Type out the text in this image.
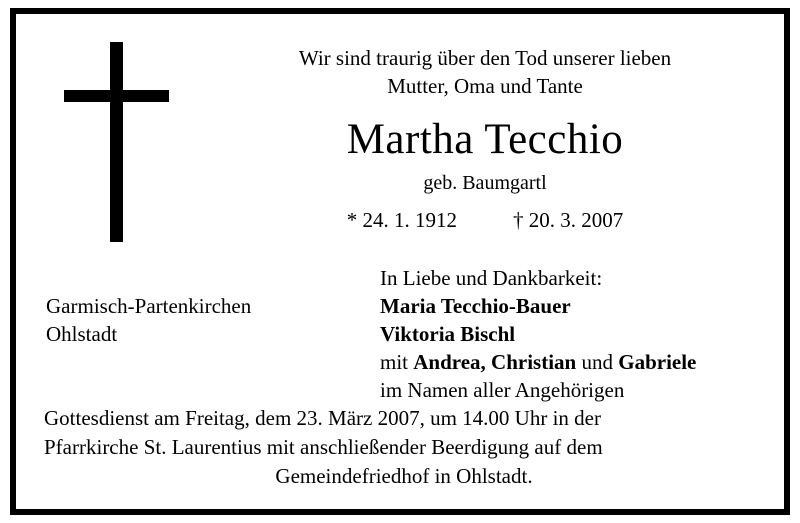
Wir sind traurig über den Tod unserer lieben
Mutter, Oma und Tante
Martha Tecchio
geb. Baumgartl
* 24. 1. 1912	† 20. 3. 2007
Garmisch-Partenkirchen
Ohlstadt
In Liebe und Dankbarkeit:
Maria Tecchio-Bauer
Viktoria Bischl
mit Andrea, Christian und Gabriele
im Namen aller Angehörigen
Gottesdienst am Freitag, dem 23. März 2007, um 14.00 Uhr in der
Pfarrkirche St. Laurentius mit anschließender Beerdigung auf dem
Gemeindefriedhof in Ohlstadt.
